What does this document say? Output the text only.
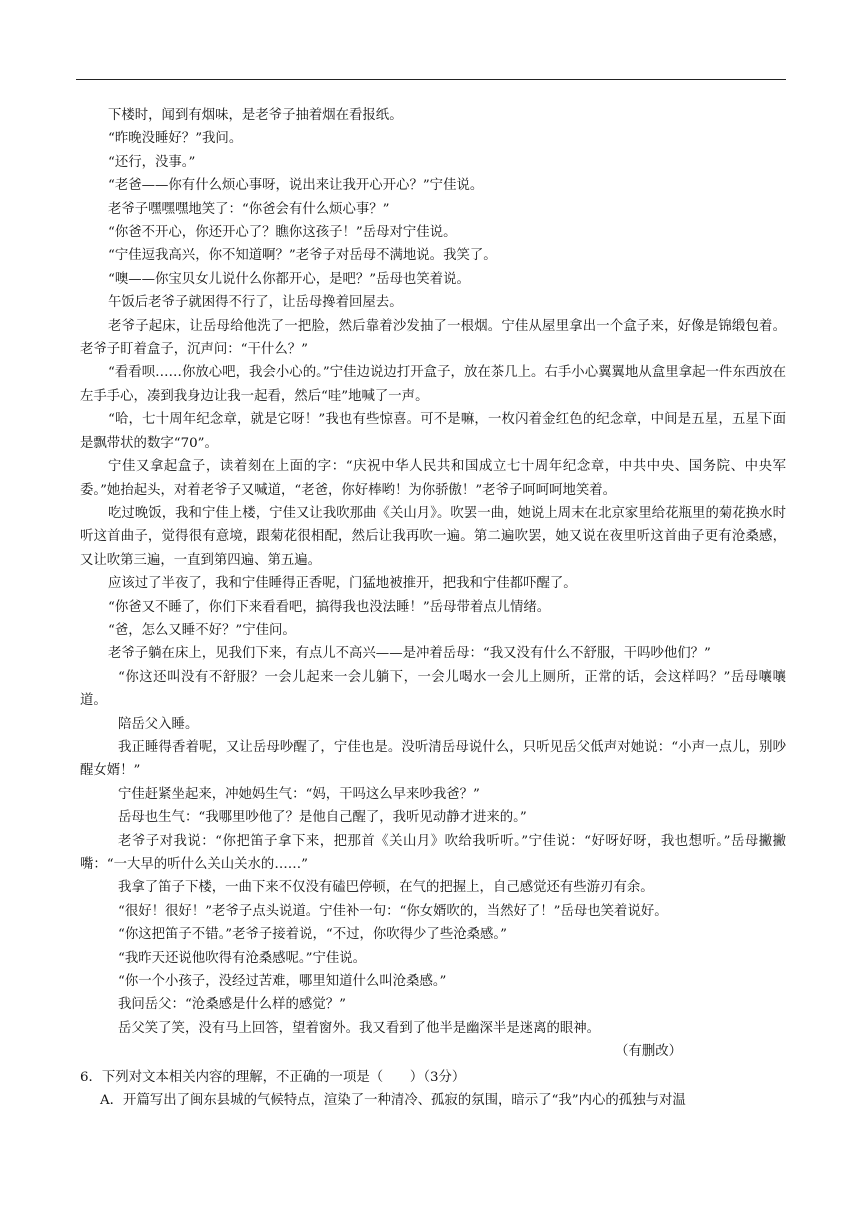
下楼时，闻到有烟味，是老爷子抽着烟在看报纸。

“昨晚没睡好？”我问。

“还行，没事。”

“老爸——你有什么烦心事呀，说出来让我开心开心？”宁佳说。

老爷子嘿嘿嘿地笑了：“你爸会有什么烦心事？”

“你爸不开心，你还开心了？瞧你这孩子！”岳母对宁佳说。

“宁佳逗我高兴，你不知道啊？”老爷子对岳母不满地说。我笑了。

“噢——你宝贝女儿说什么你都开心，是吧？”岳母也笑着说。

午饭后老爷子就困得不行了，让岳母搀着回屋去。

老爷子起床，让岳母给他洗了一把脸，然后靠着沙发抽了一根烟。宁佳从屋里拿出一个盒子来，好像是锦缎包着。老爷子盯着盒子，沉声问：“干什么？”

“看看呗……你放心吧，我会小心的。”宁佳边说边打开盒子，放在茶几上。右手小心翼翼地从盒里拿起一件东西放在左手手心，凑到我身边让我一起看，然后“哇”地喊了一声。

“哈，七十周年纪念章，就是它呀！”我也有些惊喜。可不是嘛，一枚闪着金红色的纪念章，中间是五星，五星下面是飘带状的数字“70”。

宁佳又拿起盒子，读着刻在上面的字：“庆祝中华人民共和国成立七十周年纪念章，中共中央、国务院、中央军委。”她抬起头，对着老爷子又喊道，“老爸，你好棒哟！为你骄傲！”老爷子呵呵呵地笑着。

吃过晚饭，我和宁佳上楼，宁佳又让我吹那曲《关山月》。吹罢一曲，她说上周末在北京家里给花瓶里的菊花换水时听这首曲子，觉得很有意境，跟菊花很相配，然后让我再吹一遍。第二遍吹罢，她又说在夜里听这首曲子更有沧桑感，又让吹第三遍，一直到第四遍、第五遍。

应该过了半夜了，我和宁佳睡得正香呢，门猛地被推开，把我和宁佳都吓醒了。

“你爸又不睡了，你们下来看看吧，搞得我也没法睡！”岳母带着点儿情绪。

“爸，怎么又睡不好？”宁佳问。

老爷子躺在床上，见我们下来，有点儿不高兴——是冲着岳母：“我又没有什么不舒服，干吗吵他们？”

“你这还叫没有不舒服？一会儿起来一会儿躺下，一会儿喝水一会儿上厕所，正常的话，会这样吗？”岳母嚷嚷道。

陪岳父入睡。

我正睡得香着呢，又让岳母吵醒了，宁佳也是。没听清岳母说什么，只听见岳父低声对她说：“小声一点儿，别吵醒女婿！”

宁佳赶紧坐起来，冲她妈生气：“妈，干吗这么早来吵我爸？”

岳母也生气：“我哪里吵他了？是他自己醒了，我听见动静才进来的。”

老爷子对我说：“你把笛子拿下来，把那首《关山月》吹给我听听。”宁佳说：“好呀好呀，我也想听。”岳母撇撇嘴：“一大早的听什么关山关水的……”

我拿了笛子下楼，一曲下来不仅没有磕巴停顿，在气的把握上，自己感觉还有些游刃有余。

“很好！很好！”老爷子点头说道。宁佳补一句：“你女婿吹的，当然好了！”岳母也笑着说好。

“你这把笛子不错。”老爷子接着说，“不过，你吹得少了些沧桑感。”

“我昨天还说他吹得有沧桑感呢。”宁佳说。

“你一个小孩子，没经过苦难，哪里知道什么叫沧桑感。”

我问岳父：“沧桑感是什么样的感觉？”

岳父笑了笑，没有马上回答，望着窗外。我又看到了他半是幽深半是迷离的眼神。

（有删改）

6．下列对文本相关内容的理解，不正确的一项是（　　）（3分）

A．开篇写出了闽东县城的气候特点，渲染了一种清冷、孤寂的氛围，暗示了“我”内心的孤独与对温
